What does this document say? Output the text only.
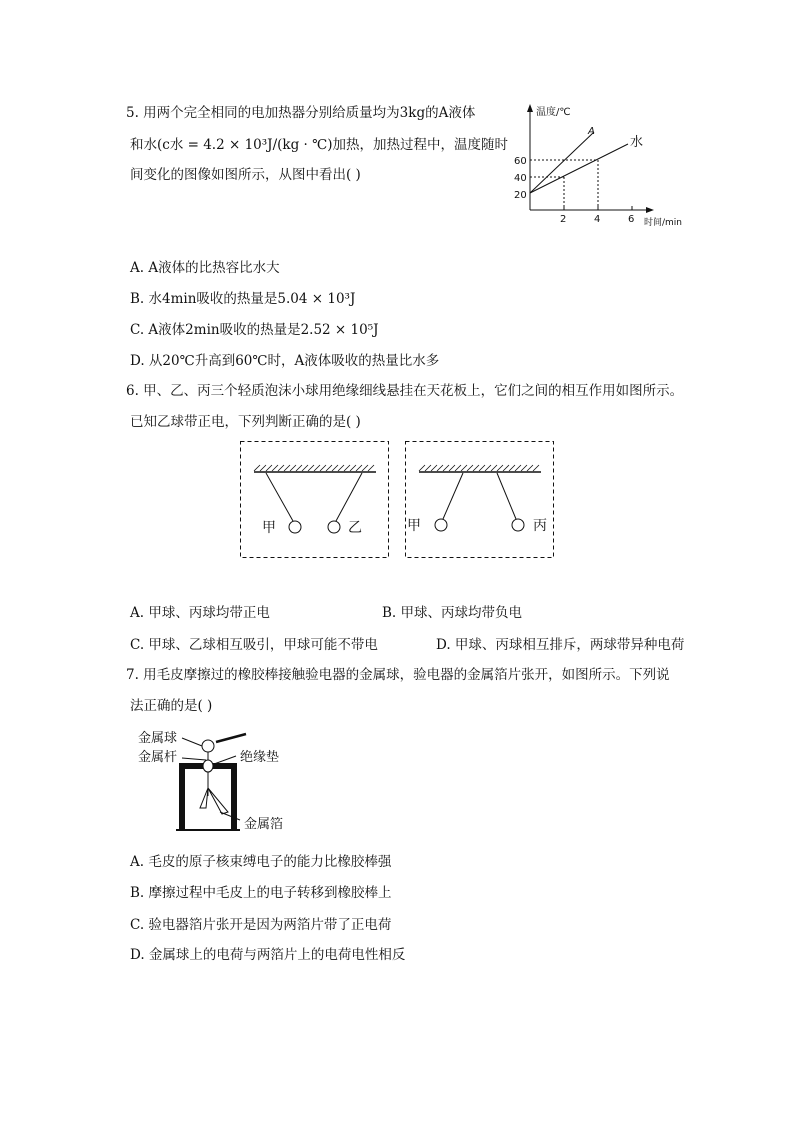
5. 用两个完全相同的电加热器分别给质量均为3kg的A液体
和水(c水 = 4.2 × 10³J/(kg · ℃)加热，加热过程中，温度随时
间变化的图像如图所示，从图中看出( )
温度/℃
时间/min
60
40
20
2	4	6
A
水
A. A液体的比热容比水大
B. 水4min吸收的热量是5.04 × 10³J
C. A液体2min吸收的热量是2.52 × 10⁵J
D. 从20℃升高到60℃时，A液体吸收的热量比水多
6. 甲、乙、丙三个轻质泡沫小球用绝缘细线悬挂在天花板上，它们之间的相互作用如图所示。
已知乙球带正电，下列判断正确的是( )
甲	乙	甲	丙
A. 甲球、丙球均带正电	B. 甲球、丙球均带负电
C. 甲球、乙球相互吸引，甲球可能不带电	D. 甲球、丙球相互排斥，两球带异种电荷
7. 用毛皮摩擦过的橡胶棒接触验电器的金属球，验电器的金属箔片张开，如图所示。下列说
法正确的是( )
金属球
金属杆	绝缘垫
金属箔
A. 毛皮的原子核束缚电子的能力比橡胶棒强
B. 摩擦过程中毛皮上的电子转移到橡胶棒上
C. 验电器箔片张开是因为两箔片带了正电荷
D. 金属球上的电荷与两箔片上的电荷电性相反
